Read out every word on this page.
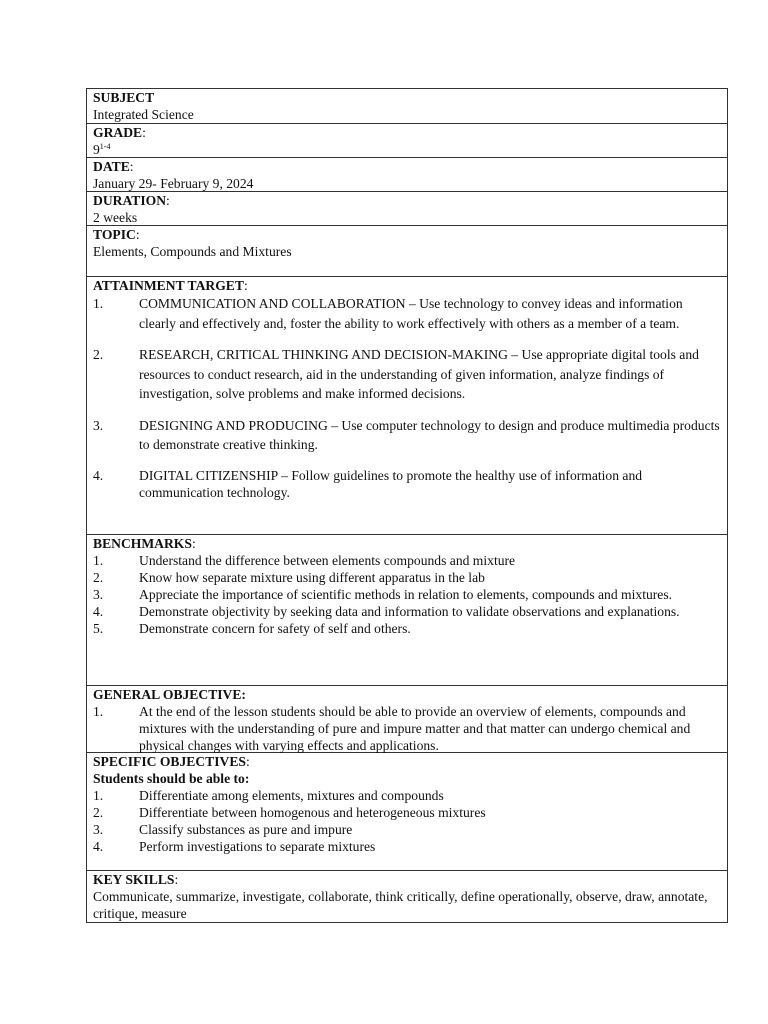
SUBJECT
Integrated Science
GRADE:
9$^{1-4}$
DATE:
January 29- February 9, 2024
DURATION:
2 weeks
TOPIC:
Elements, Compounds and Mixtures
ATTAINMENT TARGET:
1.	COMMUNICATION AND COLLABORATION – Use technology to convey ideas and information clearly and effectively and, foster the ability to work effectively with others as a member of a team.
2.	RESEARCH, CRITICAL THINKING AND DECISION-MAKING – Use appropriate digital tools and resources to conduct research, aid in the understanding of given information, analyze findings of investigation, solve problems and make informed decisions.
3.	DESIGNING AND PRODUCING – Use computer technology to design and produce multimedia products to demonstrate creative thinking.
4.	DIGITAL CITIZENSHIP – Follow guidelines to promote the healthy use of information and communication technology.
BENCHMARKS:
1.	Understand the difference between elements compounds and mixture
2.	Know how separate mixture using different apparatus in the lab
3.	Appreciate the importance of scientific methods in relation to elements, compounds and mixtures.
4.	Demonstrate objectivity by seeking data and information to validate observations and explanations.
5.	Demonstrate concern for safety of self and others.
GENERAL OBJECTIVE:
1.	At the end of the lesson students should be able to provide an overview of elements, compounds and mixtures with the understanding of pure and impure matter and that matter can undergo chemical and physical changes with varying effects and applications.
SPECIFIC OBJECTIVES:
Students should be able to:
1.	Differentiate among elements, mixtures and compounds
2.	Differentiate between homogenous and heterogeneous mixtures
3.	Classify substances as pure and impure
4.	Perform investigations to separate mixtures
KEY SKILLS:
Communicate, summarize, investigate, collaborate, think critically, define operationally, observe, draw, annotate, critique, measure
